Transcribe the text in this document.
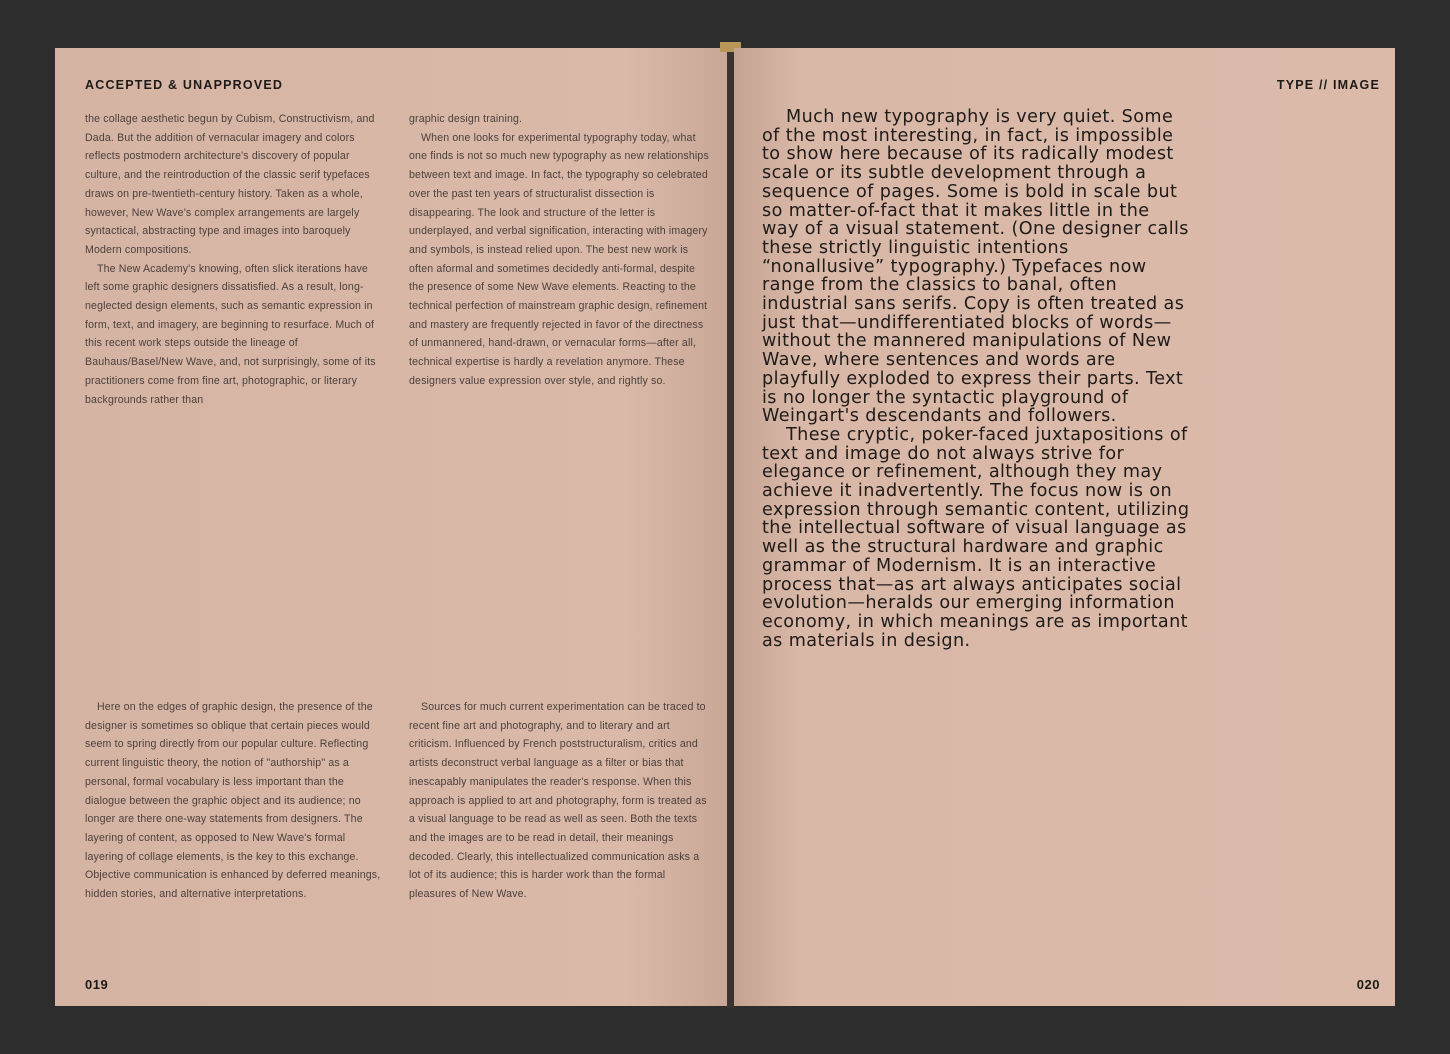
ACCEPTED & UNAPPROVED

the collage aesthetic begun by Cubism, Constructivism, and Dada. But the addition of vernacular imagery and colors reflects postmodern architecture's discovery of popular culture, and the reintroduction of the classic serif typefaces draws on pre-twentieth-century history. Taken as a whole, however, New Wave's complex arrangements are largely syntactical, abstracting type and images into baroquely Modern compositions.

The New Academy's knowing, often slick iterations have left some graphic designers dissatisfied. As a result, long-neglected design elements, such as semantic expression in form, text, and imagery, are beginning to resurface. Much of this recent work steps outside the lineage of Bauhaus/Basel/New Wave, and, not surprisingly, some of its practitioners come from fine art, photographic, or literary backgrounds rather than

graphic design training.

When one looks for experimental typography today, what one finds is not so much new typography as new relationships between text and image. In fact, the typography so celebrated over the past ten years of structuralist dissection is disappearing. The look and structure of the letter is underplayed, and verbal signification, interacting with imagery and symbols, is instead relied upon. The best new work is often aformal and sometimes decidedly anti-formal, despite the presence of some New Wave elements. Reacting to the technical perfection of mainstream graphic design, refinement and mastery are frequently rejected in favor of the directness of unmannered, hand-drawn, or vernacular forms—after all, technical expertise is hardly a revelation anymore. These designers value expression over style, and rightly so.

Here on the edges of graphic design, the presence of the designer is sometimes so oblique that certain pieces would seem to spring directly from our popular culture. Reflecting current linguistic theory, the notion of "authorship" as a personal, formal vocabulary is less important than the dialogue between the graphic object and its audience; no longer are there one-way statements from designers. The layering of content, as opposed to New Wave's formal layering of collage elements, is the key to this exchange. Objective communication is enhanced by deferred meanings, hidden stories, and alternative interpretations.

Sources for much current experimentation can be traced to recent fine art and photography, and to literary and art criticism. Influenced by French poststructuralism, critics and artists deconstruct verbal language as a filter or bias that inescapably manipulates the reader's response. When this approach is applied to art and photography, form is treated as a visual language to be read as well as seen. Both the texts and the images are to be read in detail, their meanings decoded. Clearly, this intellectualized communication asks a lot of its audience; this is harder work than the formal pleasures of New Wave.

019
TYPE // IMAGE

Much new typography is very quiet. Some of the most interesting, in fact, is impossible to show here because of its radically modest scale or its subtle development through a sequence of pages. Some is bold in scale but so matter-of-fact that it makes little in the way of a visual statement. (One designer calls these strictly linguistic intentions “nonallusive” typography.) Typefaces now range from the classics to banal, often industrial sans serifs. Copy is often treated as just that—undifferentiated blocks of words—without the mannered manipulations of New Wave, where sentences and words are playfully exploded to express their parts. Text is no longer the syntactic playground of Weingart's descendants and followers.

These cryptic, poker-faced juxtapositions of text and image do not always strive for elegance or refinement, although they may achieve it inadvertently. The focus now is on expression through semantic content, utilizing the intellectual software of visual language as well as the structural hardware and graphic grammar of Modernism. It is an interactive process that—as art always anticipates social evolution—heralds our emerging information economy, in which meanings are as important as materials in design.

020
